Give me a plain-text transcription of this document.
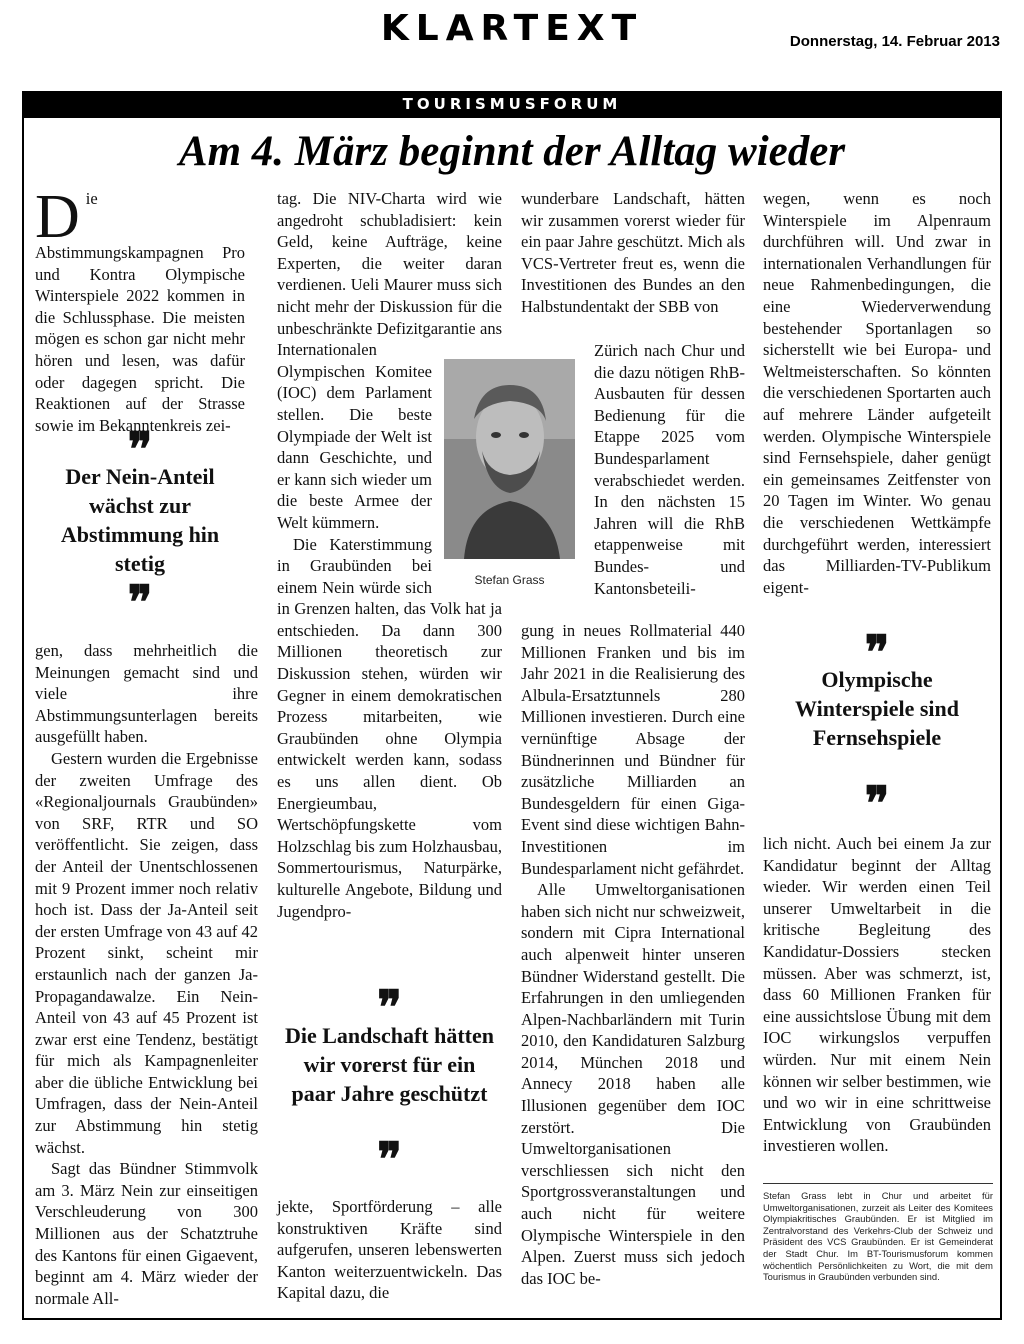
KLARTEXT	Donnerstag, 14. Februar 2013
TOURISMUSFORUM
Am 4. März beginnt der Alltag wieder
D ie Abstimmungskampagnen Pro und Kontra Olympische Winterspiele 2022 kommen in die Schlussphase. Die meisten mögen es schon gar nicht mehr hören und lesen, was dafür oder dagegen spricht. Die Reaktionen auf der Strasse sowie im Bekanntenkreis zei-

❞
Der Nein-Anteil wächst zur Abstimmung hin stetig
❞

gen, dass mehrheitlich die Meinungen gemacht sind und viele ihre Abstimmungsunterlagen bereits ausgefüllt haben.

Gestern wurden die Ergebnisse der zweiten Umfrage des «Regionaljournals Graubünden» von SRF, RTR und SO veröffentlicht. Sie zeigen, dass der Anteil der Unentschlossenen mit 9 Prozent immer noch relativ hoch ist. Dass der Ja-Anteil seit der ersten Umfrage von 43 auf 42 Prozent sinkt, scheint mir erstaunlich nach der ganzen Ja-Propagandawalze. Ein Nein-Anteil von 43 auf 45 Prozent ist zwar erst eine Tendenz, bestätigt für mich als Kampagnenleiter aber die übliche Entwicklung bei Umfragen, dass der Nein-Anteil zur Abstimmung hin stetig wächst.

Sagt das Bündner Stimmvolk am 3. März Nein zur einseitigen Verschleuderung von 300 Millionen aus der Schatztruhe des Kantons für einen Gigaevent, beginnt am 4. März wieder der normale All-

tag. Die NIV-Charta wird wie angedroht schubladisiert: kein Geld, keine Aufträge, keine Experten, die weiter daran verdienen. Ueli Maurer muss sich nicht mehr der Diskussion für die unbeschränkte Defizitgarantie ans Internationalen Olympischen Komitee (IOC) dem Parlament stellen. Die beste Olympiade der Welt ist dann Geschichte, und er kann sich wieder um die beste Armee der Welt kümmern.

Die Katerstimmung in Graubünden bei einem Nein würde sich in Grenzen halten, das Volk hat ja entschieden. Da dann 300 Millionen theoretisch zur Diskussion stehen, würden wir Gegner in einem demokratischen Prozess mitarbeiten, wie Graubünden ohne Olympia entwickelt werden kann, sodass es uns allen dient. Ob Energieumbau, Wertschöpfungskette vom Holzschlag bis zum Holzhausbau, Sommertourismus, Naturpärke, kulturelle Angebote, Bildung und Jugendpro-

❞
Die Landschaft hätten wir vorerst für ein paar Jahre geschützt
❞

jekte, Sportförderung – alle konstruktiven Kräfte sind aufgerufen, unseren lebenswerten Kanton weiterzuentwickeln. Das Kapital dazu, die

Stefan Grass

wunderbare Landschaft, hätten wir zusammen vorerst wieder für ein paar Jahre geschützt. Mich als VCS-Vertreter freut es, wenn die Investitionen des Bundes an den Halbstundentakt der SBB von

Zürich nach Chur und die dazu nötigen RhB-Ausbauten für dessen Bedienung für die Etappe 2025 vom Bundesparlament verabschiedet werden. In den nächsten 15 Jahren will die RhB etappenweise mit Bundes- und Kantonsbeteili-

gung in neues Rollmaterial 440 Millionen Franken und bis im Jahr 2021 in die Realisierung des Albula-Ersatztunnels 280 Millionen investieren. Durch eine vernünftige Absage der Bündnerinnen und Bündner für zusätzliche Milliarden an Bundesgeldern für einen Giga-Event sind diese wichtigen Bahn-Investitionen im Bundesparlament nicht gefährdet.

Alle Umweltorganisationen haben sich nicht nur schweizweit, sondern mit Cipra International auch alpenweit hinter unseren Bündner Widerstand gestellt. Die Erfahrungen in den umliegenden Alpen-Nachbarländern mit Turin 2010, den Kandidaturen Salzburg 2014, München 2018 und Annecy 2018 haben alle Illusionen gegenüber dem IOC zerstört. Die Umweltorganisationen verschliessen sich nicht den Sportgrossveranstaltungen und auch nicht für weitere Olympische Winterspiele in den Alpen. Zuerst muss sich jedoch das IOC be-

wegen, wenn es noch Winterspiele im Alpenraum durchführen will. Und zwar in internationalen Verhandlungen für neue Rahmenbedingungen, die eine Wiederverwendung bestehender Sportanlagen so sicherstellt wie bei Europa- und Weltmeisterschaften. So könnten die verschiedenen Sportarten auch auf mehrere Länder aufgeteilt werden. Olympische Winterspiele sind Fernsehspiele, daher genügt ein gemeinsames Zeitfenster von 20 Tagen im Winter. Wo genau die verschiedenen Wettkämpfe durchgeführt werden, interessiert das Milliarden-TV-Publikum eigent-

❞
Olympische Winterspiele sind Fernsehspiele
❞

lich nicht. Auch bei einem Ja zur Kandidatur beginnt der Alltag wieder. Wir werden einen Teil unserer Umweltarbeit in die kritische Begleitung des Kandidatur-Dossiers stecken müssen. Aber was schmerzt, ist, dass 60 Millionen Franken für eine aussichtslose Übung mit dem IOC wirkungslos verpuffen würden. Nur mit einem Nein können wir selber bestimmen, wie und wo wir in eine schrittweise Entwicklung von Graubünden investieren wollen.

Stefan Grass lebt in Chur und arbeitet für Umweltorganisationen, zurzeit als Leiter des Komitees Olympiakritisches Graubünden. Er ist Mitglied im Zentralvorstand des Verkehrs-Club der Schweiz und Präsident des VCS Graubünden. Er ist Gemeinderat der Stadt Chur. Im BT-Tourismusforum kommen wöchentlich Persönlichkeiten zu Wort, die mit dem Tourismus in Graubünden verbunden sind.
